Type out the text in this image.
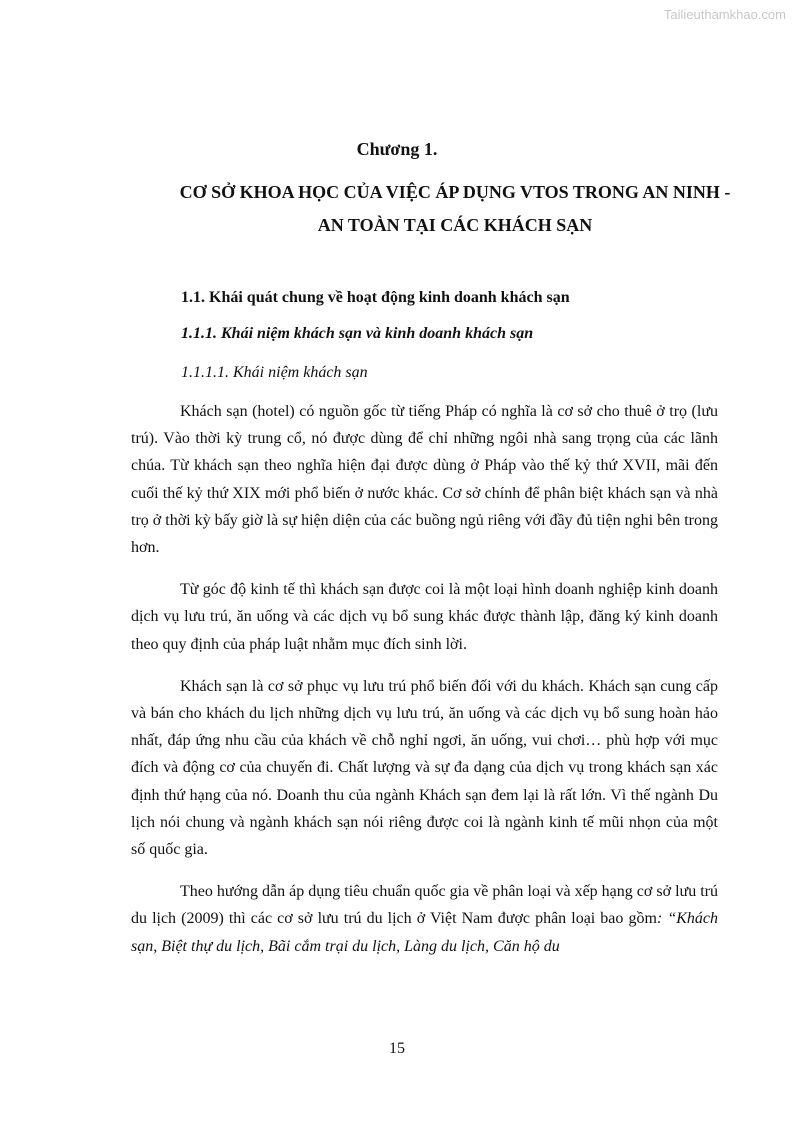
Tailieuthamkhao.com
Chương 1.
CƠ SỞ KHOA HỌC CỦA VIỆC ÁP DỤNG VTOS TRONG AN NINH - AN TOÀN TẠI CÁC KHÁCH SẠN
1.1. Khái quát chung về hoạt động kinh doanh khách sạn
1.1.1. Khái niệm khách sạn và kinh doanh khách sạn
1.1.1.1. Khái niệm khách sạn

Khách sạn (hotel) có nguồn gốc từ tiếng Pháp có nghĩa là cơ sở cho thuê ở trọ (lưu trú). Vào thời kỳ trung cổ, nó được dùng để chỉ những ngôi nhà sang trọng của các lãnh chúa. Từ khách sạn theo nghĩa hiện đại được dùng ở Pháp vào thế kỷ thứ XVII, mãi đến cuối thế kỷ thứ XIX mới phổ biến ở nước khác. Cơ sở chính để phân biệt khách sạn và nhà trọ ở thời kỳ bấy giờ là sự hiện diện của các buồng ngủ riêng với đầy đủ tiện nghi bên trong hơn.

Từ góc độ kinh tế thì khách sạn được coi là một loại hình doanh nghiệp kinh doanh dịch vụ lưu trú, ăn uống và các dịch vụ bổ sung khác được thành lập, đăng ký kinh doanh theo quy định của pháp luật nhằm mục đích sinh lời.

Khách sạn là cơ sở phục vụ lưu trú phổ biến đối với du khách. Khách sạn cung cấp và bán cho khách du lịch những dịch vụ lưu trú, ăn uống và các dịch vụ bổ sung hoàn hảo nhất, đáp ứng nhu cầu của khách về chỗ nghỉ ngơi, ăn uống, vui chơi… phù hợp với mục đích và động cơ của chuyến đi. Chất lượng và sự đa dạng của dịch vụ trong khách sạn xác định thứ hạng của nó. Doanh thu của ngành Khách sạn đem lại là rất lớn. Vì thế ngành Du lịch nói chung và ngành khách sạn nói riêng được coi là ngành kinh tế mũi nhọn của một số quốc gia.

Theo hướng dẫn áp dụng tiêu chuẩn quốc gia về phân loại và xếp hạng cơ sở lưu trú du lịch (2009) thì các cơ sở lưu trú du lịch ở Việt Nam được phân loại bao gồm: “Khách sạn, Biệt thự du lịch, Bãi cắm trại du lịch, Làng du lịch, Căn hộ du

15
